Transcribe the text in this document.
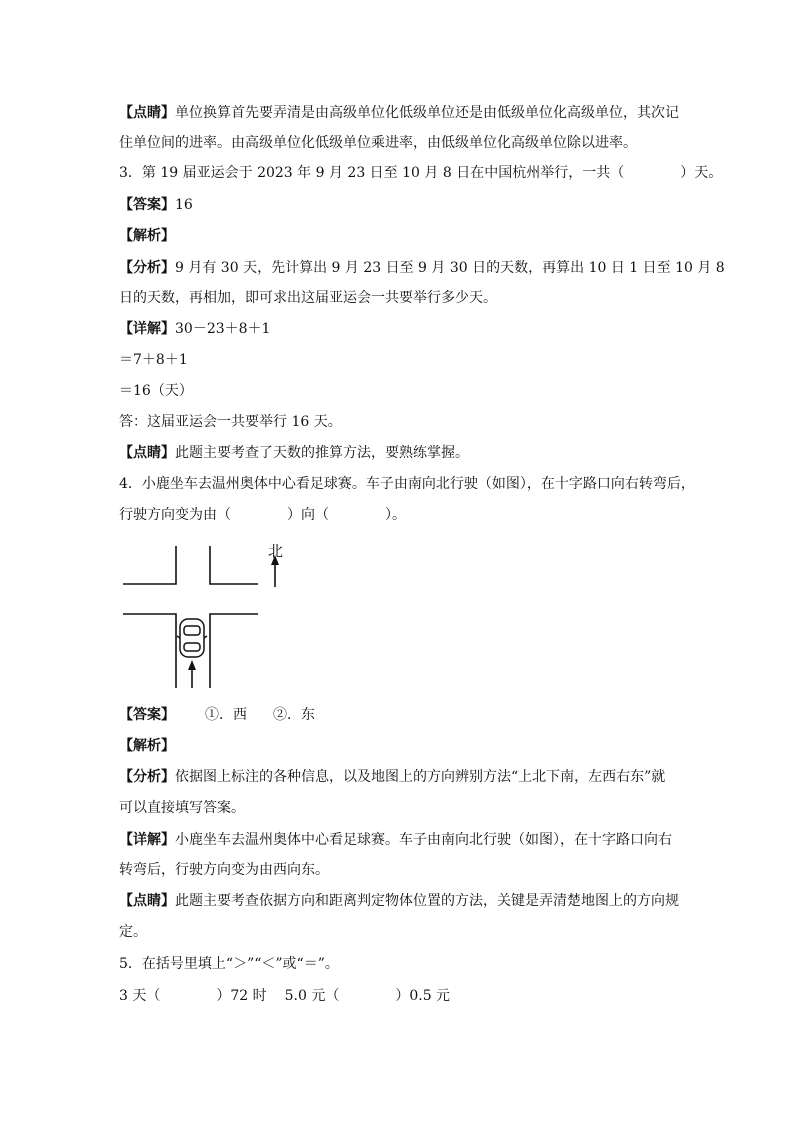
【点睛】单位换算首先要弄清是由高级单位化低级单位还是由低级单位化高级单位，其次记
住单位间的进率。由高级单位化低级单位乘进率，由低级单位化高级单位除以进率。
3．第 19 届亚运会于 2023 年 9 月 23 日至 10 月 8 日在中国杭州举行，一共（　　　　）天。
【答案】16
【解析】
【分析】9 月有 30 天，先计算出 9 月 23 日至 9 月 30 日的天数，再算出 10 日 1 日至 10 月 8
日的天数，再相加，即可求出这届亚运会一共要举行多少天。
【详解】30－23＋8＋1
＝7＋8＋1
＝16（天）
答：这届亚运会一共要举行 16 天。
【点睛】此题主要考查了天数的推算方法，要熟练掌握。
4．小鹿坐车去温州奥体中心看足球赛。车子由南向北行驶（如图），在十字路口向右转弯后，
行驶方向变为由（　　　　）向（　　　　）。
北
【答案】 ①．西 ②．东
【解析】
【分析】依据图上标注的各种信息，以及地图上的方向辨别方法“上北下南，左西右东”就
可以直接填写答案。
【详解】小鹿坐车去温州奥体中心看足球赛。车子由南向北行驶（如图），在十字路口向右
转弯后，行驶方向变为由西向东。
【点睛】此题主要考查依据方向和距离判定物体位置的方法，关键是弄清楚地图上的方向规
定。
5．在括号里填上“＞”“＜”或“＝”。
3 天（　　　　）72 时 5.0 元（　　　　）0.5 元
